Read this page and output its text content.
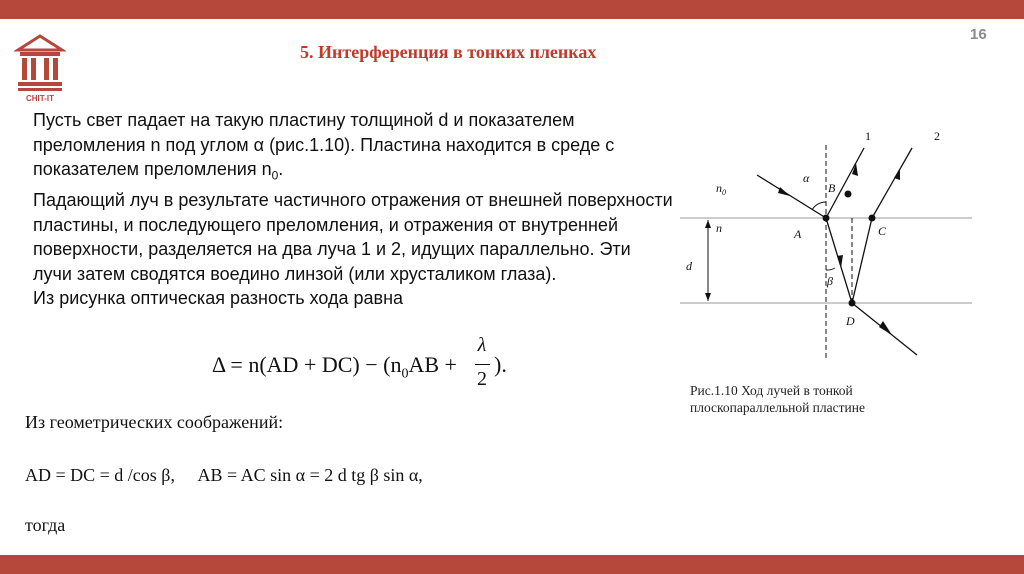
16
CHIT-IT
5. Интерференция в тонких пленках

Пусть свет падает на такую пластину толщиной d и показателем преломления n под углом α (рис.1.10). Пластина находится в среде с показателем преломления $n_0$.

Падающий луч в результате частичного отражения от внешней поверхности пластины, и последующего преломления, и отражения от внутренней поверхности, разделяется на два луча 1 и 2, идущих параллельно. Эти лучи затем сводятся воедино линзой (или хрусталиком глаза).

Из рисунка оптическая разность хода равна

$\Delta = n(AD + DC) - (n_0AB$ +
λ
2
).
Из геометрических соображений:
AD = DC = d /cos β,     AB = AC sin α = 2 d tg β sin α,
тогда
1	2
α
β
$n_0$
n
d
A
B
C
D
Рис.1.10 Ход лучей в тонкой
плоскопараллельной пластине
